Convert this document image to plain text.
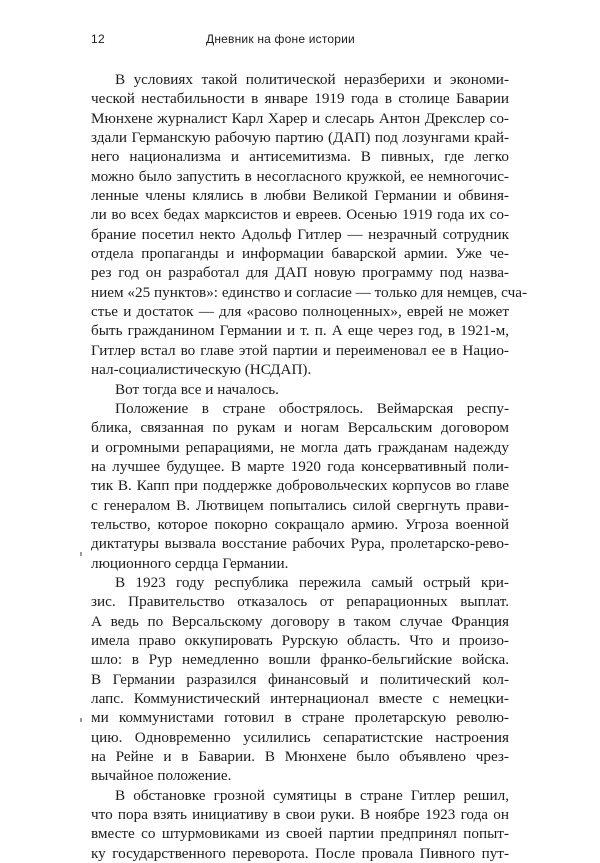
12	Дневник на фоне истории
В условиях такой политической неразберихи и экономи-
ческой нестабильности в январе 1919 года в столице Баварии
Мюнхене журналист Карл Харер и слесарь Антон Дрекслер со-
здали Германскую рабочую партию (ДАП) под лозунгами край-
него национализма и антисемитизма. В пивных, где легко
можно было запустить в несогласного кружкой, ее немногочис-
ленные члены клялись в любви Великой Германии и обвиня-
ли во всех бедах марксистов и евреев. Осенью 1919 года их со-
брание посетил некто Адольф Гитлер — незрачный сотрудник
отдела пропаганды и информации баварской армии. Уже че-
рез год он разработал для ДАП новую программу под назва-
нием «25 пунктов»: единство и согласие — только для немцев, сча-
стье и достаток — для «расово полноценных», еврей не может
быть гражданином Германии и т. п. А еще через год, в 1921-м,
Гитлер встал во главе этой партии и переименовал ее в Нацио-
нал-социалистическую (НСДАП).
Вот тогда все и началось.
Положение в стране обострялось. Веймарская респу-
блика, связанная по рукам и ногам Версальским договором
и огромными репарациями, не могла дать гражданам надежду
на лучшее будущее. В марте 1920 года консервативный поли-
тик В. Капп при поддержке добровольческих корпусов во главе
с генералом В. Лютвицем попытались силой свергнуть прави-
тельство, которое покорно сокращало армию. Угроза военной
диктатуры вызвала восстание рабочих Рура, пролетарско-рево-
люционного сердца Германии.
В 1923 году республика пережила самый острый кри-
зис. Правительство отказалось от репарационных выплат.
А ведь по Версальскому договору в таком случае Франция
имела право оккупировать Рурскую область. Что и произо-
шло: в Рур немедленно вошли франко-бельгийские войска.
В Германии разразился финансовый и политический кол-
лапс. Коммунистический интернационал вместе с немецки-
ми коммунистами готовил в стране пролетарскую револю-
цию. Одновременно усилились сепаратистские настроения
на Рейне и в Баварии. В Мюнхене было объявлено чрез-
вычайное положение.
В обстановке грозной сумятицы в стране Гитлер решил,
что пора взять инициативу в свои руки. В ноябре 1923 года он
вместе со штурмовиками из своей партии предпринял попыт-
ку государственного переворота. После провала Пивного пут-
